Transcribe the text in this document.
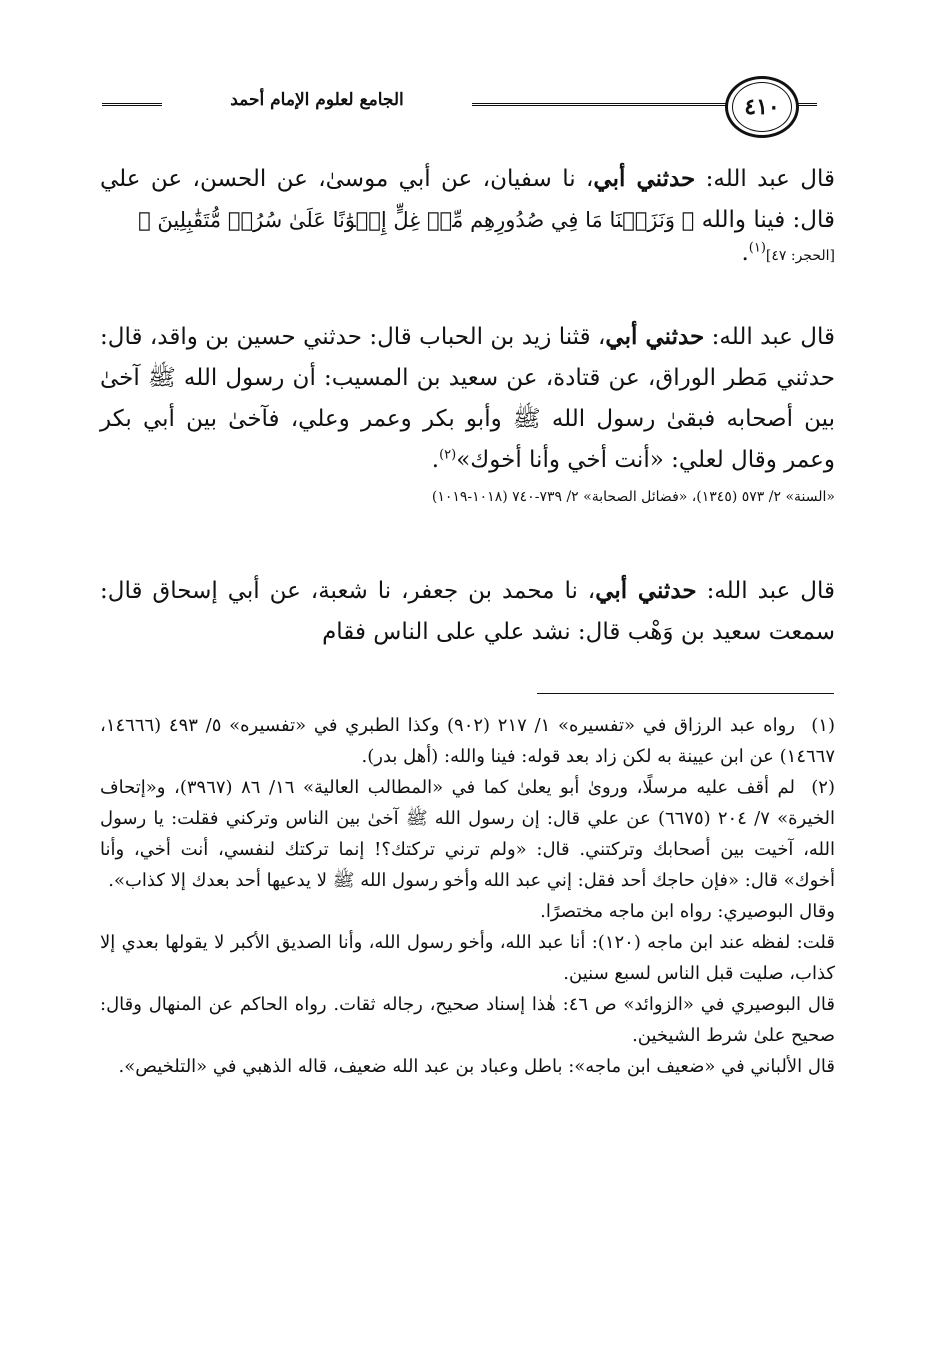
الجامع لعلوم الإمام أحمد	٤١٠

قال عبد الله: حدثني أبي، نا سفيان، عن أبي موسىٰ، عن الحسن، عن علي قال: فينا والله ﴿ وَنَزَعۡنَا مَا فِي صُدُورِهِم مِّنۡ غِلٍّ إِخۡوَٰنًا عَلَىٰ سُرُرٖ مُّتَقَٰبِلِينَ ﴾

[الحجر: ٤٧]$^{(١)}$.

قال عبد الله: حدثني أبي، قثنا زيد بن الحباب قال: حدثني حسين بن واقد، قال: حدثني مَطر الوراق، عن قتادة، عن سعيد بن المسيب: أن رسول الله ﷺ آخىٰ بين أصحابه فبقىٰ رسول الله ﷺ وأبو بكر وعمر وعلي، فآخىٰ بين أبي بكر وعمر وقال لعلي: «أنت أخي وأنا أخوك»$^{(٢)}$.

«السنة» ٢/ ٥٧٣ (١٣٤٥)، «فضائل الصحابة» ٢/ ٧٣٩-٧٤٠ (١٠١٨-١٠١٩)

قال عبد الله: حدثني أبي، نا محمد بن جعفر، نا شعبة، عن أبي إسحاق قال: سمعت سعيد بن وَهْب قال: نشد علي على الناس فقام

(١)رواه عبد الرزاق في «تفسيره» ١/ ٢١٧ (٩٠٢) وكذا الطبري في «تفسيره» ٥/ ٤٩٣ (١٤٦٦٦، ١٤٦٦٧) عن ابن عيينة به لكن زاد بعد قوله: فينا والله: (أهل بدر).

(٢)لم أقف عليه مرسلًا، وروىٰ أبو يعلىٰ كما في «المطالب العالية» ١٦/ ٨٦ (٣٩٦٧)، و«إتحاف الخيرة» ٧/ ٢٠٤ (٦٦٧٥) عن علي قال: إن رسول الله ﷺ آخىٰ بين الناس وتركني فقلت: يا رسول الله، آخيت بين أصحابك وتركتني. قال: «ولم ترني تركتك؟! إنما تركتك لنفسي، أنت أخي، وأنا أخوك» قال: «فإن حاجك أحد فقل: إني عبد الله وأخو رسول الله ﷺ لا يدعيها أحد بعدك إلا كذاب».

وقال البوصيري: رواه ابن ماجه مختصرًا.

قلت: لفظه عند ابن ماجه (١٢٠): أنا عبد الله، وأخو رسول الله، وأنا الصديق الأكبر لا يقولها بعدي إلا كذاب، صليت قبل الناس لسبع سنين.

قال البوصيري في «الزوائد» ص ٤٦: هٰذا إسناد صحيح، رجاله ثقات. رواه الحاكم عن المنهال وقال: صحيح علىٰ شرط الشيخين.

قال الألباني في «ضعيف ابن ماجه»: باطل وعباد بن عبد الله ضعيف، قاله الذهبي في «التلخيص».
